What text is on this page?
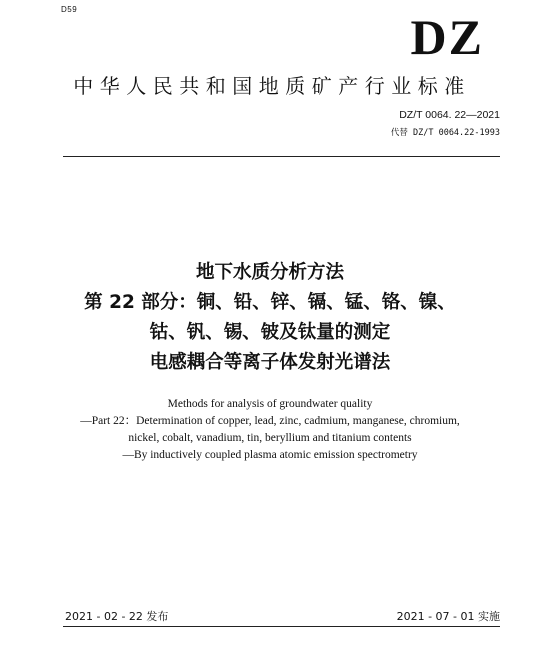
D59	DZ
中华人民共和国地质矿产行业标准
DZ/T 0064. 22—2021
代替 DZ/T 0064.22-1993
地下水质分析方法
第 22 部分：铜、铅、锌、镉、锰、铬、镍、
钴、钒、锡、铍及钛量的测定
电感耦合等离子体发射光谱法
Methods for analysis of groundwater quality
—Part 22：Determination of copper, lead, zinc, cadmium, manganese, chromium,
nickel, cobalt, vanadium, tin, beryllium and titanium contents
—By inductively coupled plasma atomic emission spectrometry
2021 - 02 - 22 发布	2021 - 07 - 01 实施
